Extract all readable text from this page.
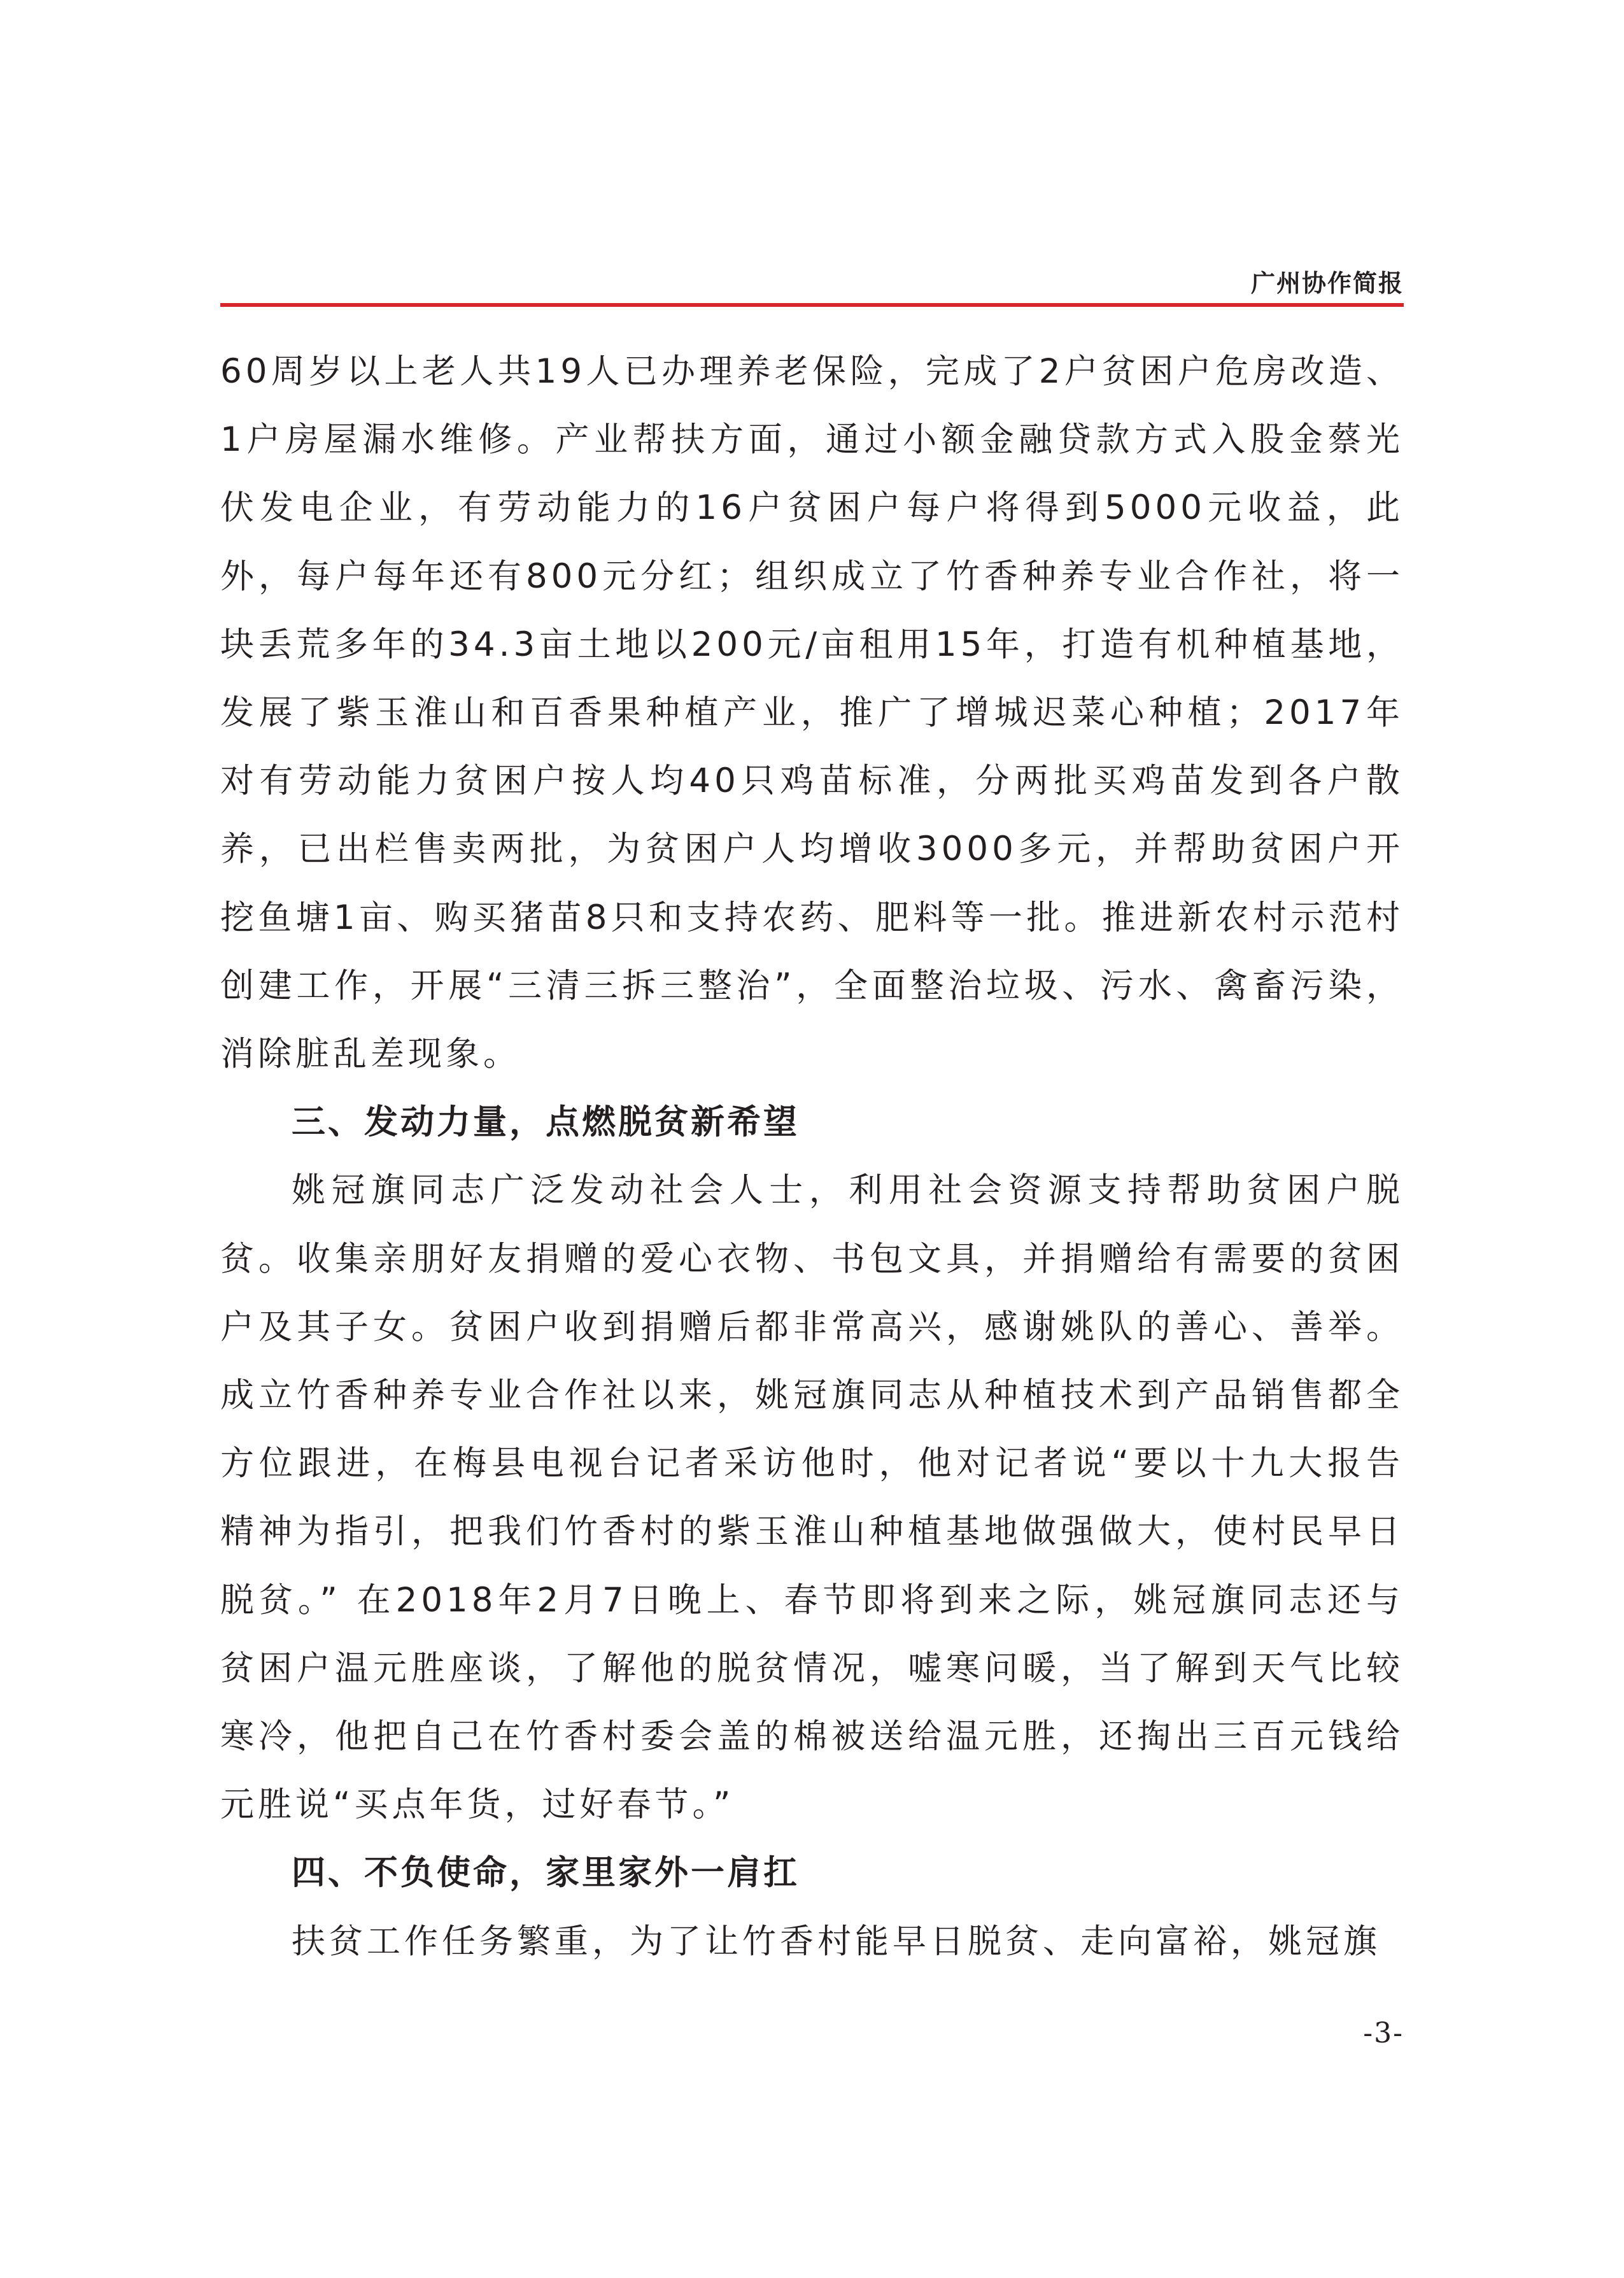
广州协作简报

60周岁以上老人共19人已办理养老保险，完成了2户贫困户危房改造、1户房屋漏水维修。产业帮扶方面，通过小额金融贷款方式入股金蔡光伏发电企业，有劳动能力的16户贫困户每户将得到5000元收益，此外，每户每年还有800元分红；组织成立了竹香种养专业合作社，将一块丢荒多年的34.3亩土地以200元/亩租用15年，打造有机种植基地，发展了紫玉淮山和百香果种植产业，推广了增城迟菜心种植；2017年对有劳动能力贫困户按人均40只鸡苗标准，分两批买鸡苗发到各户散养，已出栏售卖两批，为贫困户人均增收3000多元，并帮助贫困户开挖鱼塘1亩、购买猪苗8只和支持农药、肥料等一批。推进新农村示范村创建工作，开展“三清三拆三整治”，全面整治垃圾、污水、禽畜污染，消除脏乱差现象。

三、发动力量，点燃脱贫新希望

姚冠旗同志广泛发动社会人士，利用社会资源支持帮助贫困户脱贫。收集亲朋好友捐赠的爱心衣物、书包文具，并捐赠给有需要的贫困户及其子女。贫困户收到捐赠后都非常高兴，感谢姚队的善心、善举。成立竹香种养专业合作社以来，姚冠旗同志从种植技术到产品销售都全方位跟进，在梅县电视台记者采访他时，他对记者说“要以十九大报告精神为指引，把我们竹香村的紫玉淮山种植基地做强做大，使村民早日脱贫。” 在2018年2月7日晚上、春节即将到来之际，姚冠旗同志还与贫困户温元胜座谈，了解他的脱贫情况，嘘寒问暖，当了解到天气比较寒冷，他把自己在竹香村委会盖的棉被送给温元胜，还掏出三百元钱给元胜说“买点年货，过好春节。”

四、不负使命，家里家外一肩扛

扶贫工作任务繁重，为了让竹香村能早日脱贫、走向富裕，姚冠旗

-3-
